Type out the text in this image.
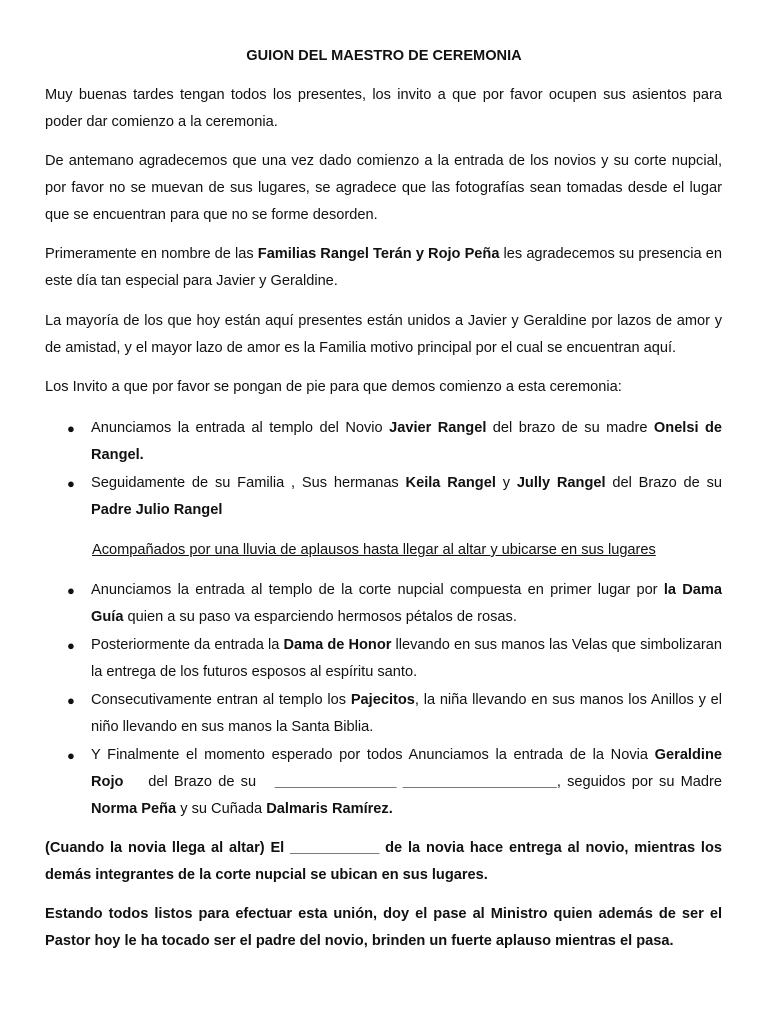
GUION DEL MAESTRO DE CEREMONIA
Muy buenas tardes tengan todos los presentes, los invito a que por favor ocupen sus asientos para poder dar comienzo a la ceremonia.
De antemano agradecemos que una vez dado comienzo a la entrada de los novios y su corte nupcial, por favor no se muevan de sus lugares, se agradece que las fotografías sean tomadas desde el lugar que se encuentran para que no se forme desorden.
Primeramente en nombre de las Familias Rangel Terán y Rojo Peña les agradecemos su presencia en este día tan especial para Javier y Geraldine.
La mayoría de los que hoy están aquí presentes están unidos a Javier y Geraldine por lazos de amor y de amistad, y el mayor lazo de amor es la Familia motivo principal por el cual se encuentran aquí.
Los Invito a que por favor se pongan de pie para que demos comienzo a esta ceremonia:
● Anunciamos la entrada al templo del Novio Javier Rangel del brazo de su madre Onelsi de Rangel.
● Seguidamente de su Familia , Sus hermanas Keila Rangel y Jully Rangel del Brazo de su Padre Julio Rangel
Acompañados por una lluvia de aplausos hasta llegar al altar y ubicarse en sus lugares
● Anunciamos la entrada al templo de la corte nupcial compuesta en primer lugar por la Dama Guía quien a su paso va esparciendo hermosos pétalos de rosas.
● Posteriormente da entrada la Dama de Honor llevando en sus manos las Velas que simbolizaran la entrega de los futuros esposos al espíritu santo.
● Consecutivamente entran al templo los Pajecitos, la niña llevando en sus manos los Anillos y el niño llevando en sus manos la Santa Biblia.
● Y Finalmente el momento esperado por todos Anunciamos la entrada de la Novia Geraldine Rojo    del Brazo de su   _______________ ___________________, seguidos por su Madre Norma Peña y su Cuñada Dalmaris Ramírez.
(Cuando la novia llega al altar) El ___________ de la novia hace entrega al novio, mientras los demás integrantes de la corte nupcial se ubican en sus lugares.
Estando todos listos para efectuar esta unión, doy el pase al Ministro quien además de ser el Pastor hoy le ha tocado ser el padre del novio, brinden un fuerte aplauso mientras el pasa.
